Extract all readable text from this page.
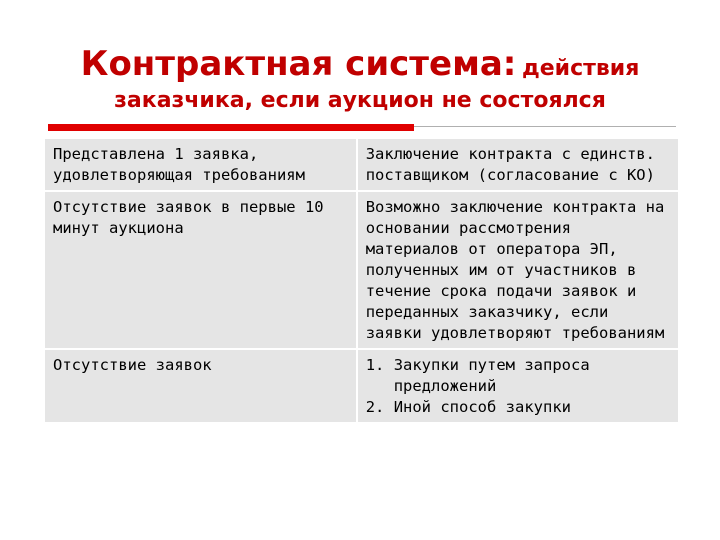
Контрактная система: действия
заказчика, если аукцион не состоялся
Представлена 1 заявка, удовлетворяющая требованиям	Заключение контракта с единств. поставщиком (согласование с КО)
Отсутствие заявок в первые 10 минут аукциона	Возможно заключение контракта на основании рассмотрения материалов от оператора ЭП, полученных им от участников в течение срока подачи заявок и переданных заказчику, если заявки удовлетворяют требованиям
Отсутствие заявок	1. Закупки путем запроса предложений
2. Иной способ закупки
